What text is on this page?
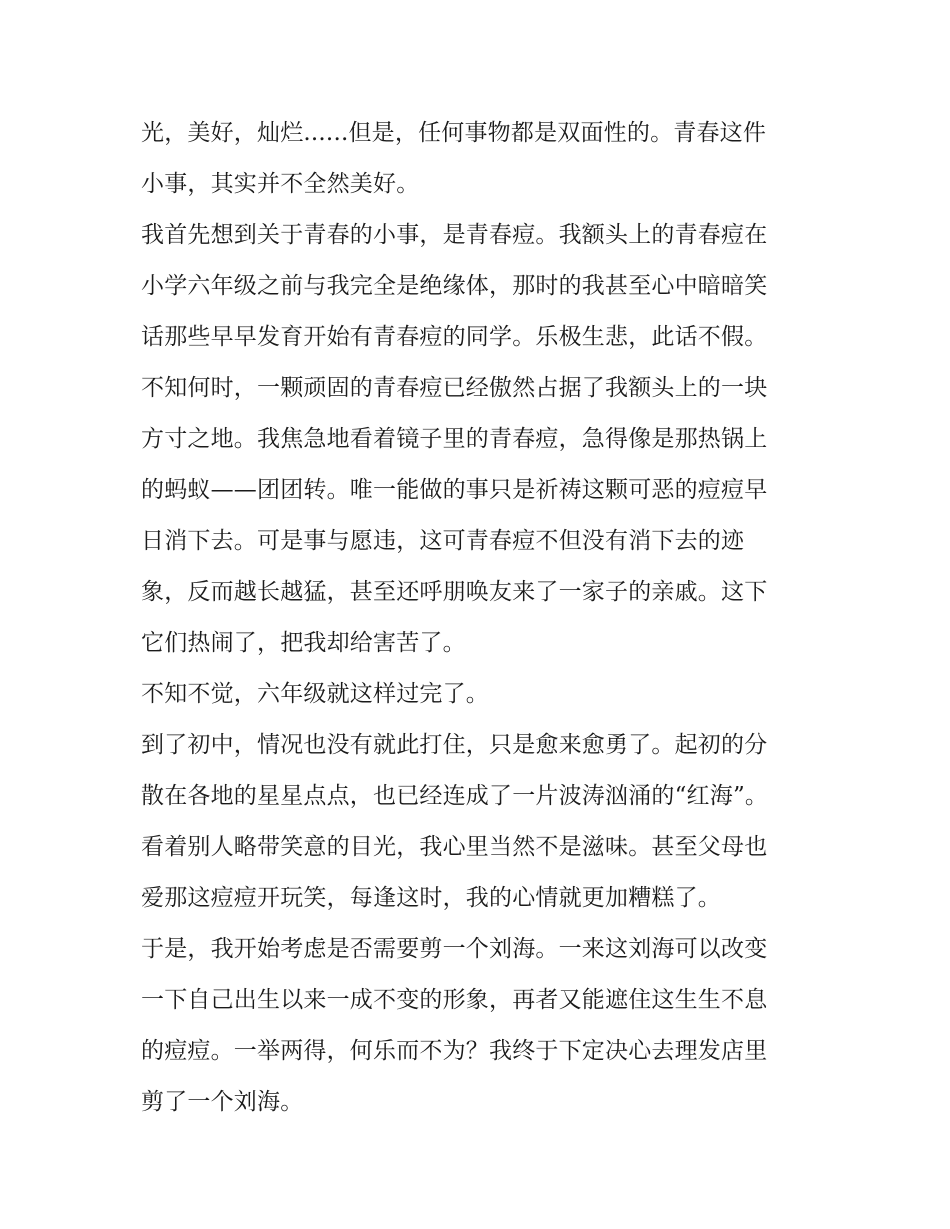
光，美好，灿烂......但是，任何事物都是双面性的。青春这件
小事，其实并不全然美好。
我首先想到关于青春的小事，是青春痘。我额头上的青春痘在
小学六年级之前与我完全是绝缘体，那时的我甚至心中暗暗笑
话那些早早发育开始有青春痘的同学。乐极生悲，此话不假。
不知何时，一颗顽固的青春痘已经傲然占据了我额头上的一块
方寸之地。我焦急地看着镜子里的青春痘，急得像是那热锅上
的蚂蚁——团团转。唯一能做的事只是祈祷这颗可恶的痘痘早
日消下去。可是事与愿违，这可青春痘不但没有消下去的迹
象，反而越长越猛，甚至还呼朋唤友来了一家子的亲戚。这下
它们热闹了，把我却给害苦了。
不知不觉，六年级就这样过完了。
到了初中，情况也没有就此打住，只是愈来愈勇了。起初的分
散在各地的星星点点，也已经连成了一片波涛汹涌的“红海”。
看着别人略带笑意的目光，我心里当然不是滋味。甚至父母也
爱那这痘痘开玩笑，每逢这时，我的心情就更加糟糕了。
于是，我开始考虑是否需要剪一个刘海。一来这刘海可以改变
一下自己出生以来一成不变的形象，再者又能遮住这生生不息
的痘痘。一举两得，何乐而不为？我终于下定决心去理发店里
剪了一个刘海。
